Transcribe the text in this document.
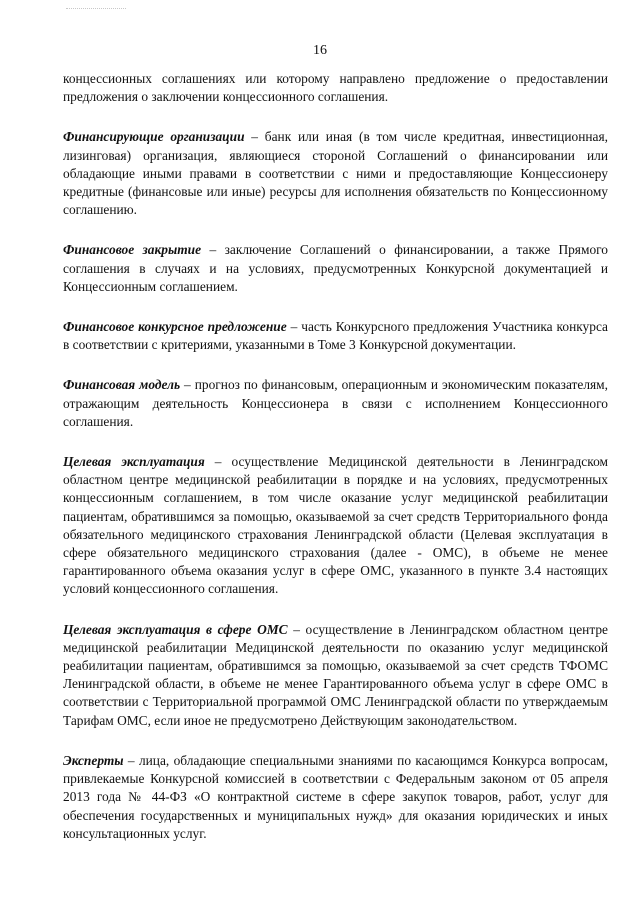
16

концессионных соглашениях или которому направлено предложение о предоставлении предложения о заключении концессионного соглашения.

Финансирующие организации – банк или иная (в том числе кредитная, инвестиционная, лизинговая) организация, являющиеся стороной Соглашений о финансировании или обладающие иными правами в соответствии с ними и предоставляющие Концессионеру кредитные (финансовые или иные) ресурсы для исполнения обязательств по Концессионному соглашению.

Финансовое закрытие – заключение Соглашений о финансировании, а также Прямого соглашения в случаях и на условиях, предусмотренных Конкурсной документацией и Концессионным соглашением.

Финансовое конкурсное предложение – часть Конкурсного предложения Участника конкурса в соответствии с критериями, указанными в Томе 3 Конкурсной документации.

Финансовая модель – прогноз по финансовым, операционным и экономическим показателям, отражающим деятельность Концессионера в связи с исполнением Концессионного соглашения.

Целевая эксплуатация – осуществление Медицинской деятельности в Ленинградском областном центре медицинской реабилитации в порядке и на условиях, предусмотренных концессионным соглашением, в том числе оказание услуг медицинской реабилитации пациентам, обратившимся за помощью, оказываемой за счет средств Территориального фонда обязательного медицинского страхования Ленинградской области (Целевая эксплуатация в сфере обязательного медицинского страхования (далее - ОМС), в объеме не менее гарантированного объема оказания услуг в сфере ОМС, указанного в пункте 3.4 настоящих условий концессионного соглашения.

Целевая эксплуатация в сфере ОМС – осуществление в Ленинградском областном центре медицинской реабилитации Медицинской деятельности по оказанию услуг медицинской реабилитации пациентам, обратившимся за помощью, оказываемой за счет средств ТФОМС Ленинградской области, в объеме не менее Гарантированного объема услуг в сфере ОМС в соответствии с Территориальной программой ОМС Ленинградской области по утверждаемым Тарифам ОМС, если иное не предусмотрено Действующим законодательством.

Эксперты – лица, обладающие специальными знаниями по касающимся Конкурса вопросам, привлекаемые Конкурсной комиссией в соответствии с Федеральным законом от 05 апреля 2013 года № 44-ФЗ «О контрактной системе в сфере закупок товаров, работ, услуг для обеспечения государственных и муниципальных нужд» для оказания юридических и иных консультационных услуг.
